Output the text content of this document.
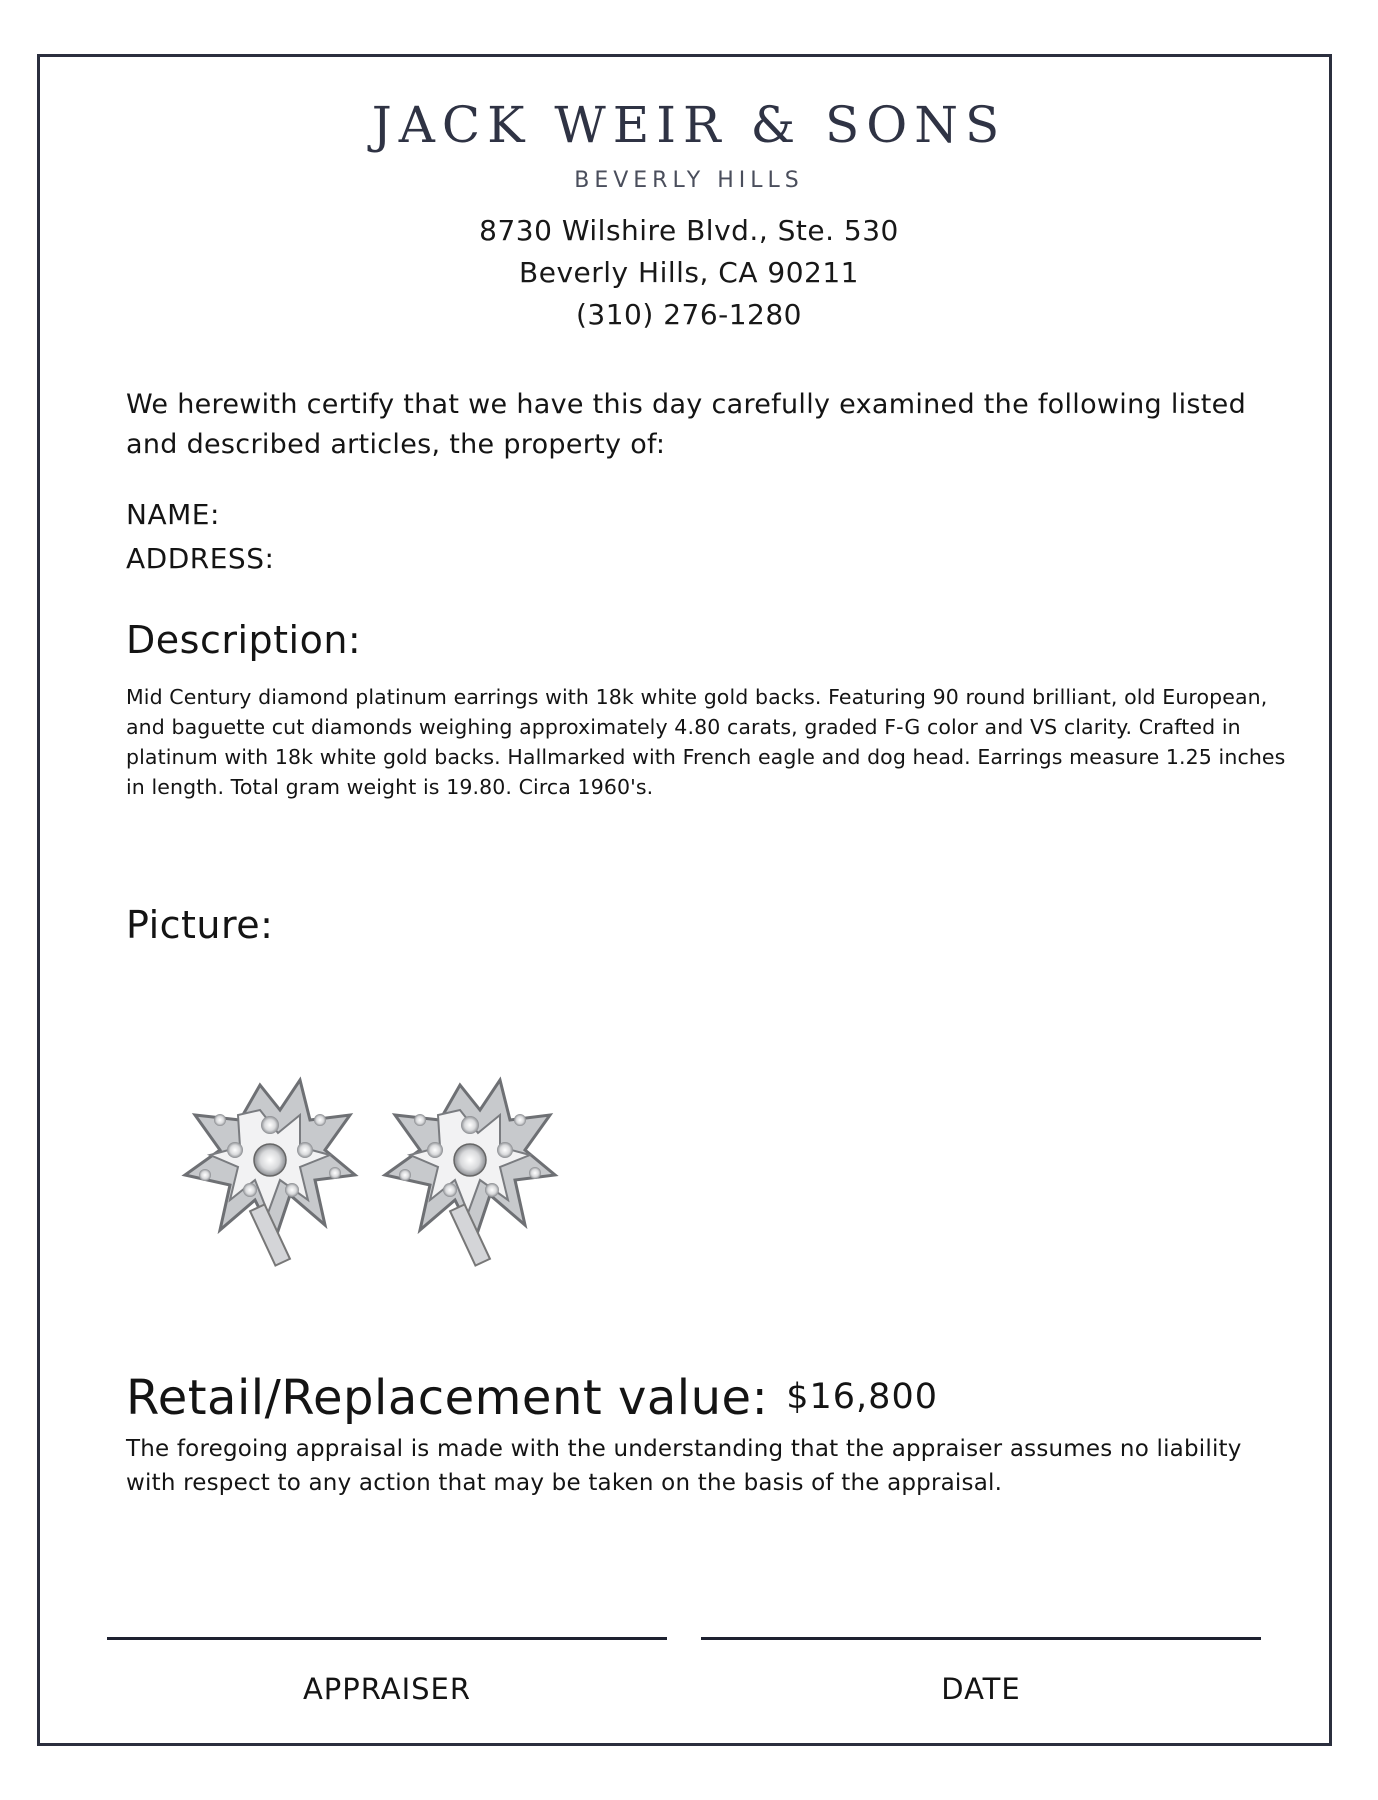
JACK WEIR & SONS
BEVERLY HILLS
8730 Wilshire Blvd., Ste. 530
Beverly Hills, CA 90211
(310) 276-1280
We herewith certify that we have this day carefully examined the following listed and described articles, the property of:
NAME:
ADDRESS:
Description:
Mid Century diamond platinum earrings with 18k white gold backs. Featuring 90 round brilliant, old European, and baguette cut diamonds weighing approximately 4.80 carats, graded F-G color and VS clarity. Crafted in platinum with 18k white gold backs. Hallmarked with French eagle and dog head. Earrings measure 1.25 inches in length. Total gram weight is 19.80. Circa 1960's.
Picture:
Retail/Replacement value: $16,800
The foregoing appraisal is made with the understanding that the appraiser assumes no liability with respect to any action that may be taken on the basis of the appraisal.
APPRAISER	DATE
